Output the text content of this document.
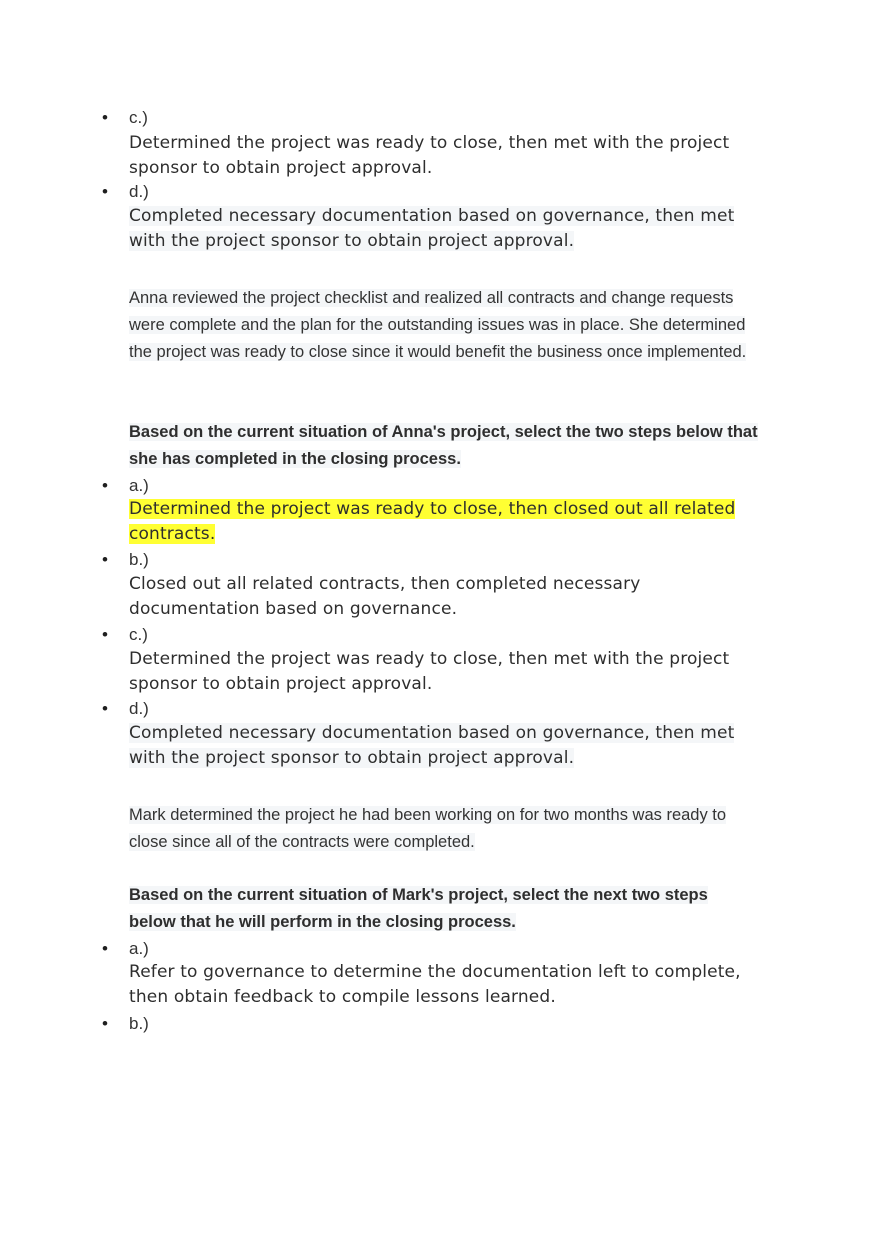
• c.)
Determined the project was ready to close, then met with the project sponsor to obtain project approval.
• d.)
Completed necessary documentation based on governance, then met with the project sponsor to obtain project approval.
Anna reviewed the project checklist and realized all contracts and change requests were complete and the plan for the outstanding issues was in place. She determined the project was ready to close since it would benefit the business once implemented.
Based on the current situation of Anna's project, select the two steps below that she has completed in the closing process.
• a.)
Determined the project was ready to close, then closed out all related contracts.
• b.)
Closed out all related contracts, then completed necessary documentation based on governance.
• c.)
Determined the project was ready to close, then met with the project sponsor to obtain project approval.
• d.)
Completed necessary documentation based on governance, then met with the project sponsor to obtain project approval.
Mark determined the project he had been working on for two months was ready to close since all of the contracts were completed.
Based on the current situation of Mark's project, select the next two steps below that he will perform in the closing process.
• a.)
Refer to governance to determine the documentation left to complete, then obtain feedback to compile lessons learned.
• b.)
